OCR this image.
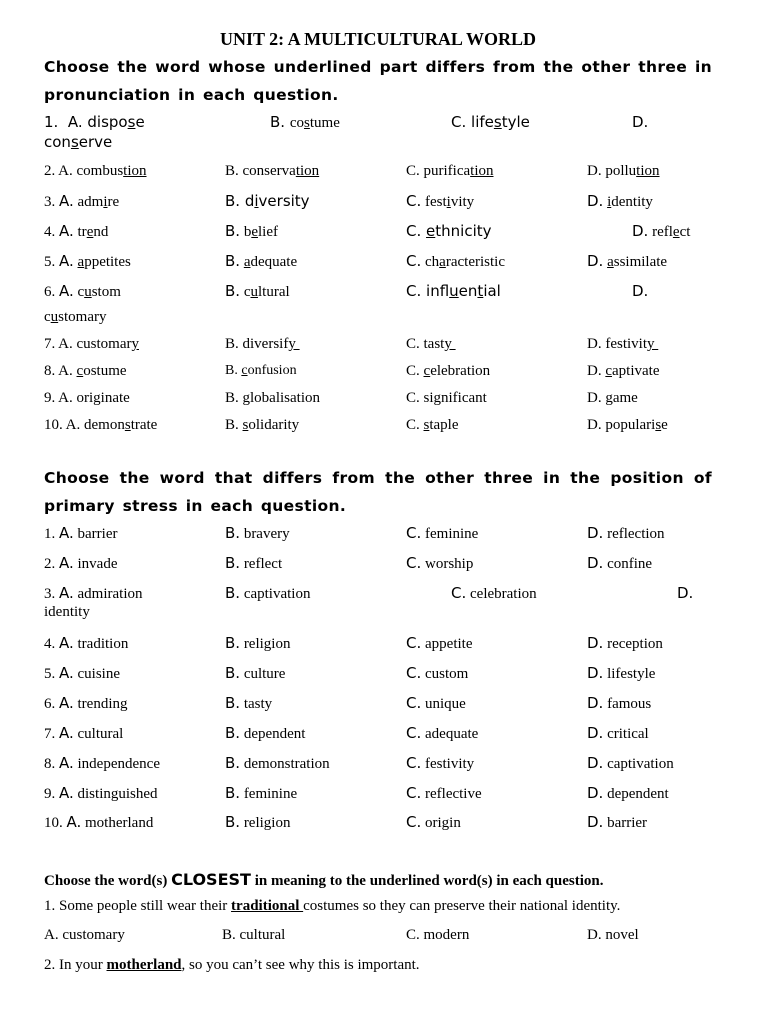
UNIT 2: A MULTICULTURAL WORLD
Choose the word whose underlined part differs from the other three in pronunciation in each question.
1. A. dispose	B. costume	C. lifestyle	D.
conserve
2. A. combustion	B. conservation	C. purification	D. pollution
3. A. admire	B. diversity	C. festivity	D. identity
4. A. trend	B. belief	C. ethnicity	D. reflect
5. A. appetites	B. adequate	C. characteristic	D. assimilate
6. A. custom	B. cultural	C. influential	D.
customary
7. A. customary	B. diversify	C. tasty	D. festivity
8. A. costume	B. confusion	C. celebration	D. captivate
9. A. originate	B. globalisation	C. significant	D. game
10. A. demonstrate	B. solidarity	C. staple	D. popularise
Choose the word that differs from the other three in the position of primary stress in each question.
1. A. barrier	B. bravery	C. feminine	D. reflection
2. A. invade	B. reflect	C. worship	D. confine
3. A. admiration	B. captivation	C. celebration	D.
identity
4. A. tradition	B. religion	C. appetite	D. reception
5. A. cuisine	B. culture	C. custom	D. lifestyle
6. A. trending	B. tasty	C. unique	D. famous
7. A. cultural	B. dependent	C. adequate	D. critical
8. A. independence	B. demonstration	C. festivity	D. captivation
9. A. distinguished	B. feminine	C. reflective	D. dependent
10. A. motherland	B. religion	C. origin	D. barrier
Choose the word(s) CLOSEST in meaning to the underlined word(s) in each question.
1. Some people still wear their traditional costumes so they can preserve their national identity.
A. customary	B. cultural	C. modern	D. novel
2. In your motherland, so you can’t see why this is important.
